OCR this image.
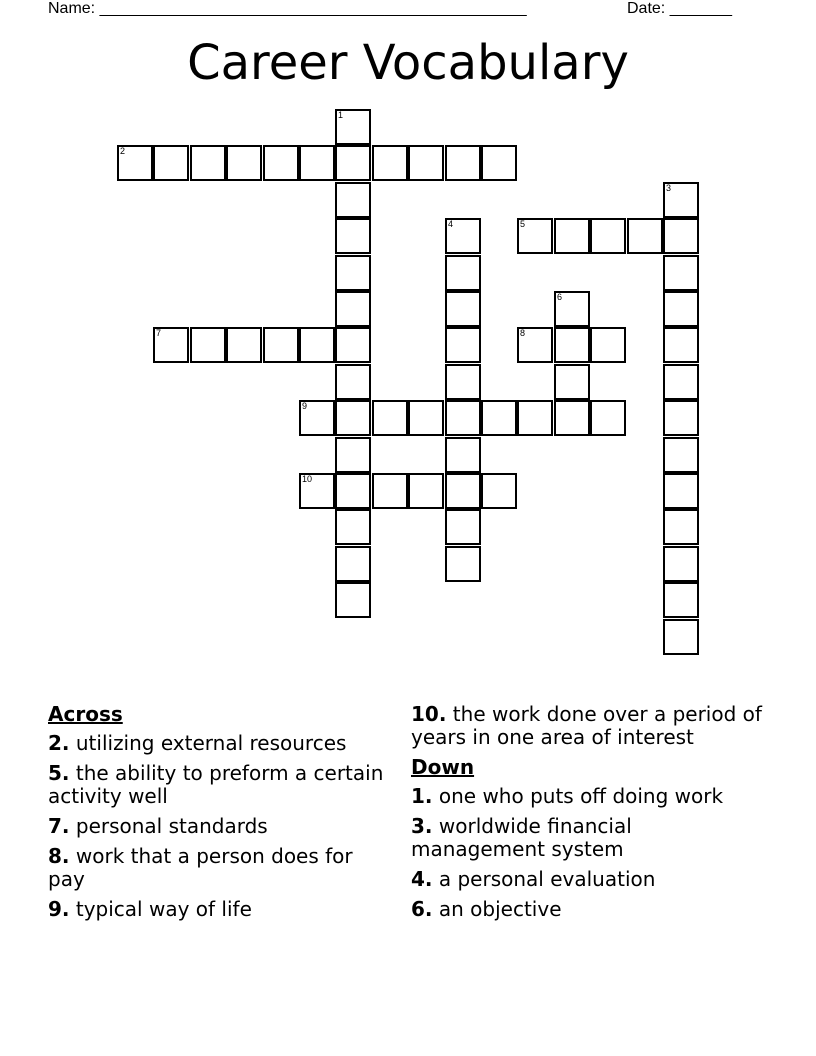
Name: ________________________________________________	Date: _______
Career Vocabulary
1
2
3
4	5
6
7	8
9
10
Across
2. utilizing external resources
5. the ability to preform a certain activity well
7. personal standards
8. work that a person does for pay
9. typical way of life
10. the work done over a period of years in one area of interest
Down
1. one who puts off doing work
3. worldwide financial management system
4. a personal evaluation
6. an objective
